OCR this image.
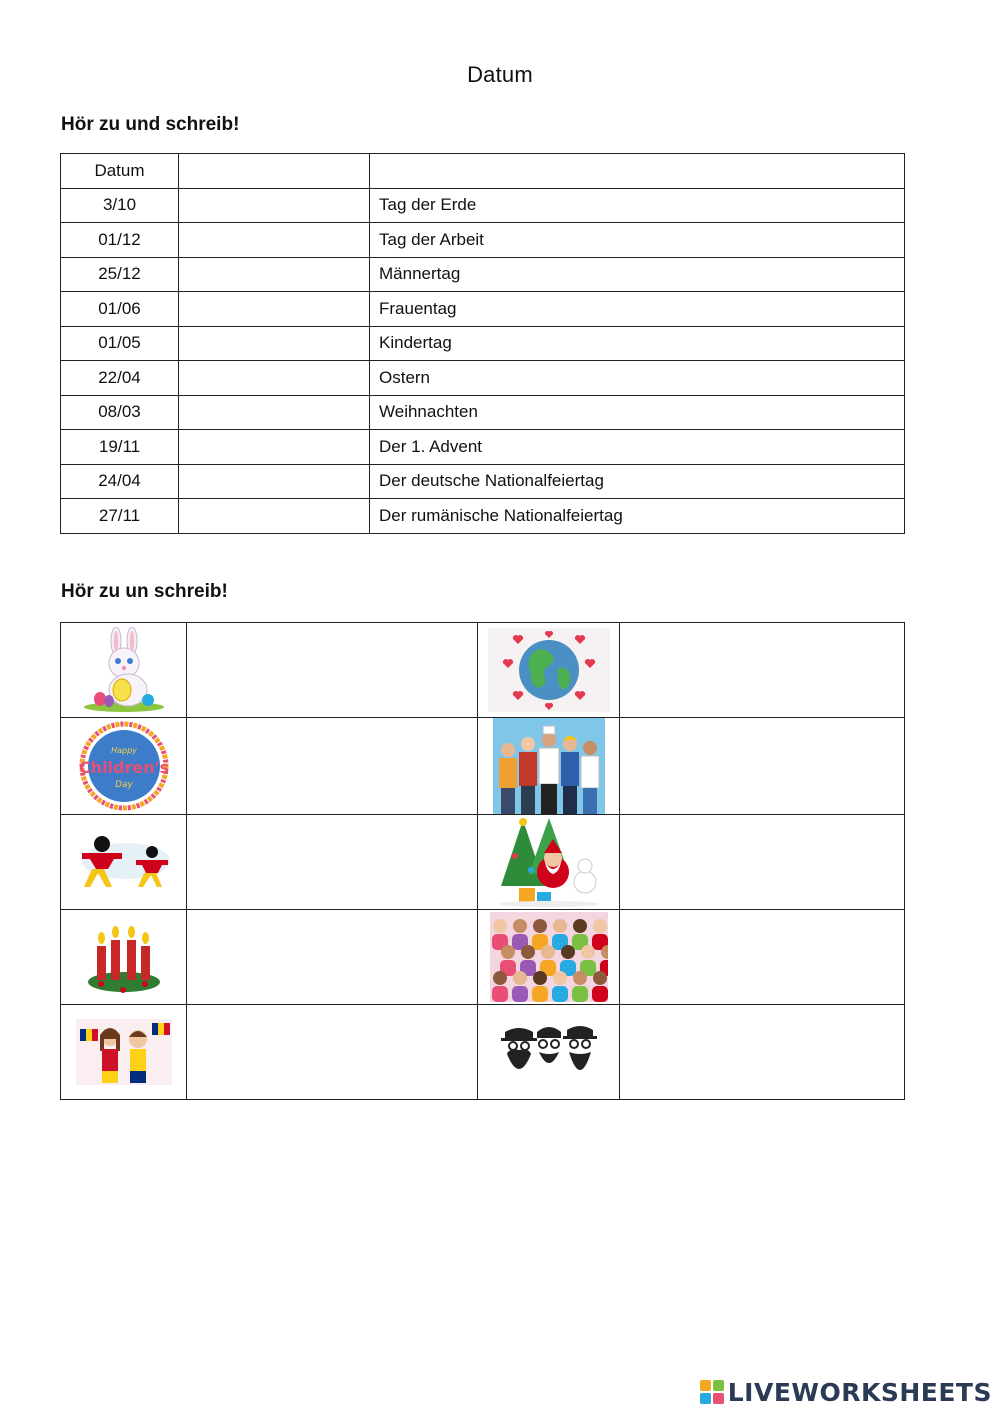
Datum
Hör zu und schreib!
Datum		
3/10		Tag der Erde
01/12		Tag der Arbeit
25/12		Männertag
01/06		Frauentag
01/05		Kindertag
22/04		Ostern
08/03		Weihnachten
19/11		Der 1. Advent
24/04		Der deutsche Nationalfeiertag
27/11		Der rumänische Nationalfeiertag
Hör zu un schreib!

Happy
Children's
Day

LIVEWORKSHEETS
